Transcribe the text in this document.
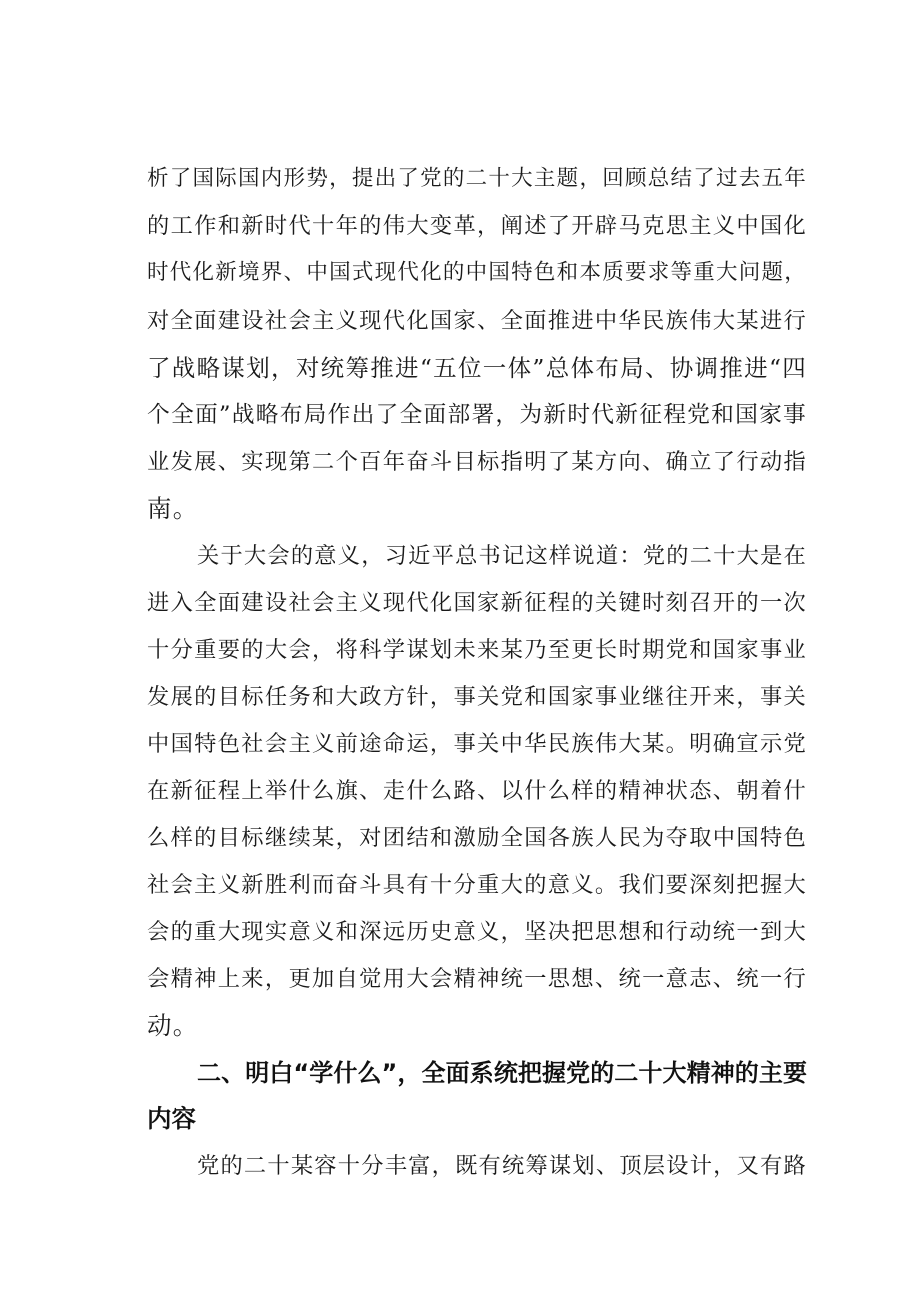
析了国际国内形势，提出了党的二十大主题，回顾总结了过去五年
的工作和新时代十年的伟大变革，阐述了开辟马克思主义中国化
时代化新境界、中国式现代化的中国特色和本质要求等重大问题，
对全面建设社会主义现代化国家、全面推进中华民族伟大某进行
了战略谋划，对统筹推进“五位一体”总体布局、协调推进“四
个全面”战略布局作出了全面部署，为新时代新征程党和国家事
业发展、实现第二个百年奋斗目标指明了某方向、确立了行动指
南。
关于大会的意义，习近平总书记这样说道：党的二十大是在
进入全面建设社会主义现代化国家新征程的关键时刻召开的一次
十分重要的大会，将科学谋划未来某乃至更长时期党和国家事业
发展的目标任务和大政方针，事关党和国家事业继往开来，事关
中国特色社会主义前途命运，事关中华民族伟大某。明确宣示党
在新征程上举什么旗、走什么路、以什么样的精神状态、朝着什
么样的目标继续某，对团结和激励全国各族人民为夺取中国特色
社会主义新胜利而奋斗具有十分重大的意义。我们要深刻把握大
会的重大现实意义和深远历史意义，坚决把思想和行动统一到大
会精神上来，更加自觉用大会精神统一思想、统一意志、统一行
动。
二、明白“学什么”，全面系统把握党的二十大精神的主要
内容
党的二十某容十分丰富，既有统筹谋划、顶层设计，又有路
